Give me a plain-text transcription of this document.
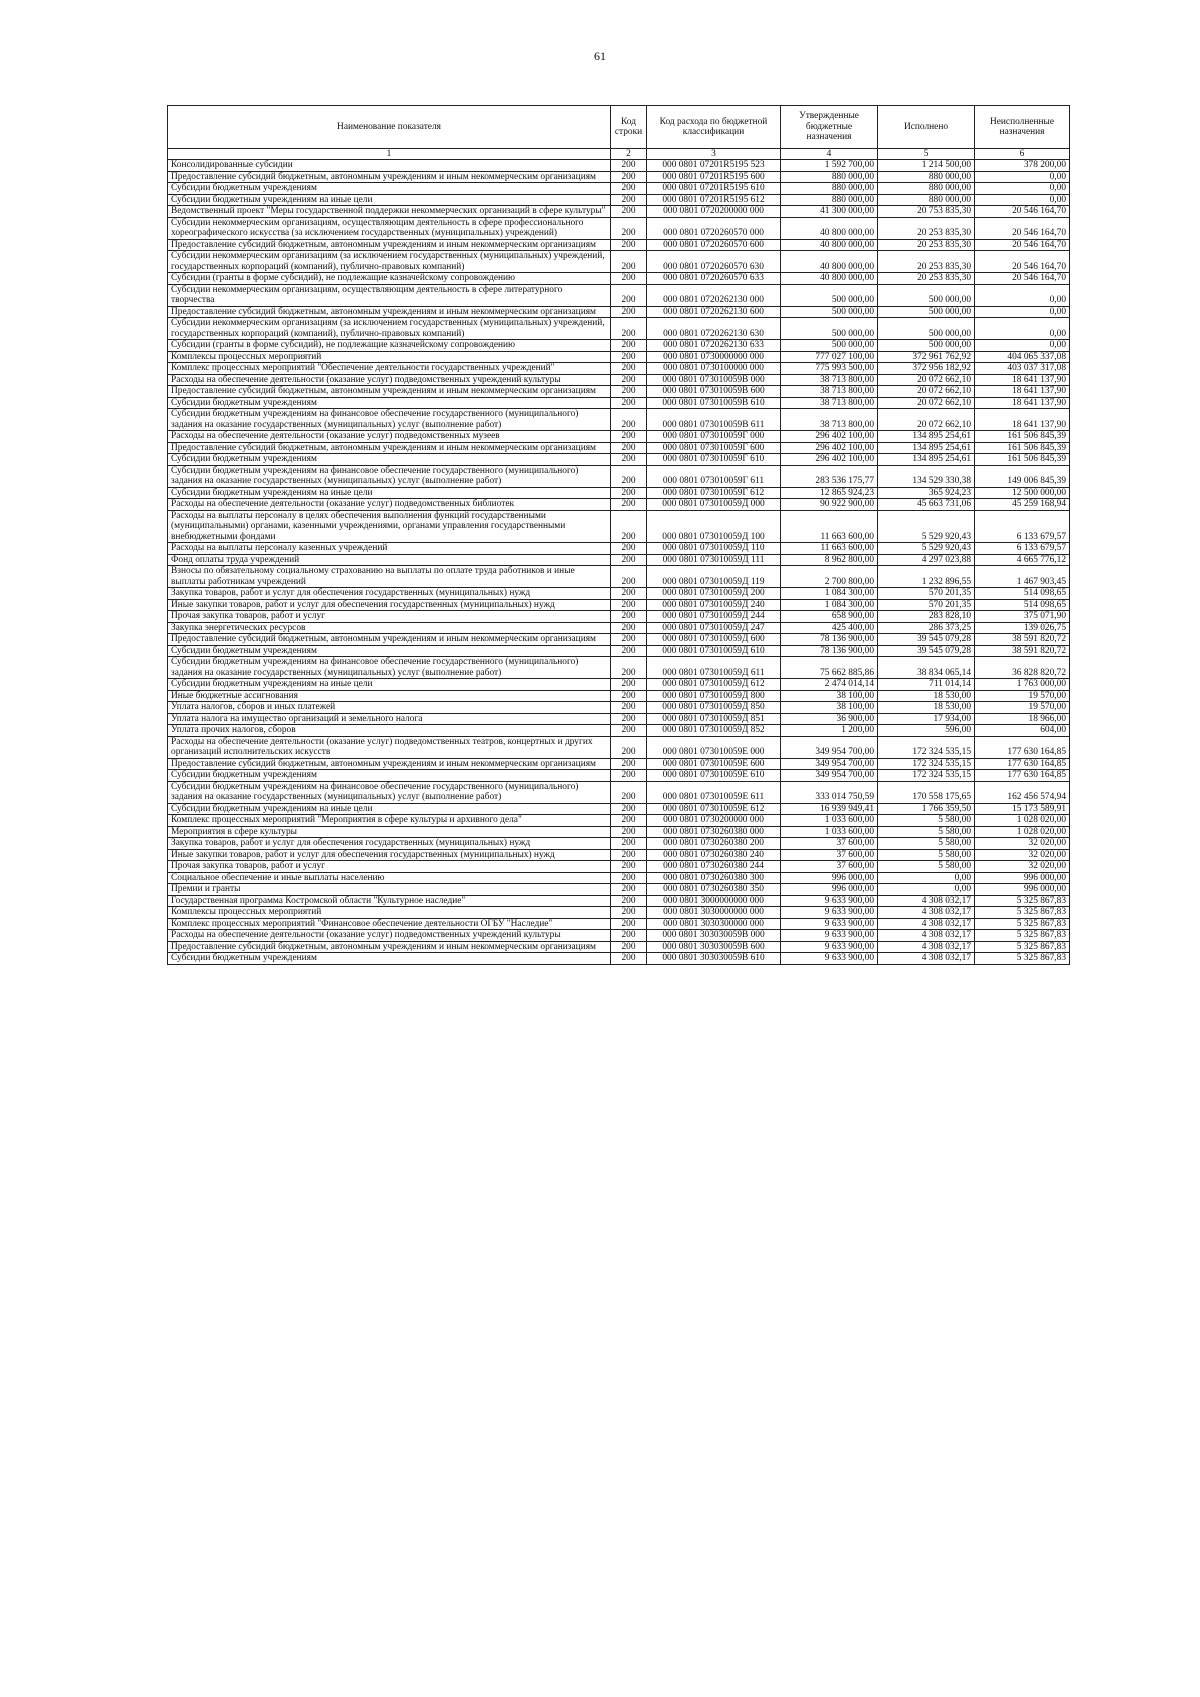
61
Наименование показателя	Код строки	Код расхода по бюджетной классификации	Утвержденные бюджетные назначения	Исполнено	Неисполненные назначения
1	2	3	4	5	6
Консолидированные субсидии	200	000 0801 07201R5195 523	1 592 700,00	1 214 500,00	378 200,00
Предоставление субсидий бюджетным, автономным учреждениям и иным некоммерческим организациям	200	000 0801 07201R5195 600	880 000,00	880 000,00	0,00
Субсидии бюджетным учреждениям	200	000 0801 07201R5195 610	880 000,00	880 000,00	0,00
Субсидии бюджетным учреждениям на иные цели	200	000 0801 07201R5195 612	880 000,00	880 000,00	0,00
Ведомственный проект "Меры государственной поддержки некоммерческих организаций в сфере культуры"	200	000 0801 0720200000 000	41 300 000,00	20 753 835,30	20 546 164,70
Субсидии некоммерческим организациям, осуществляющим деятельность в сфере профессионального хореографического искусства (за исключением государственных (муниципальных) учреждений)	200	000 0801 0720260570 000	40 800 000,00	20 253 835,30	20 546 164,70
Предоставление субсидий бюджетным, автономным учреждениям и иным некоммерческим организациям	200	000 0801 0720260570 600	40 800 000,00	20 253 835,30	20 546 164,70
Субсидии некоммерческим организациям (за исключением государственных (муниципальных) учреждений, государственных корпораций (компаний), публично-правовых компаний)	200	000 0801 0720260570 630	40 800 000,00	20 253 835,30	20 546 164,70
Субсидии (гранты в форме субсидий), не подлежащие казначейскому сопровождению	200	000 0801 0720260570 633	40 800 000,00	20 253 835,30	20 546 164,70
Субсидии некоммерческим организациям, осуществляющим деятельность в сфере литературного творчества	200	000 0801 0720262130 000	500 000,00	500 000,00	0,00
Предоставление субсидий бюджетным, автономным учреждениям и иным некоммерческим организациям	200	000 0801 0720262130 600	500 000,00	500 000,00	0,00
Субсидии некоммерческим организациям (за исключением государственных (муниципальных) учреждений, государственных корпораций (компаний), публично-правовых компаний)	200	000 0801 0720262130 630	500 000,00	500 000,00	0,00
Субсидии (гранты в форме субсидий), не подлежащие казначейскому сопровождению	200	000 0801 0720262130 633	500 000,00	500 000,00	0,00
Комплексы процессных мероприятий	200	000 0801 0730000000 000	777 027 100,00	372 961 762,92	404 065 337,08
Комплекс процессных мероприятий "Обеспечение деятельности государственных учреждений"	200	000 0801 0730100000 000	775 993 500,00	372 956 182,92	403 037 317,08
Расходы на обеспечение деятельности (оказание услуг) подведомственных учреждений культуры	200	000 0801 073010059В 000	38 713 800,00	20 072 662,10	18 641 137,90
Предоставление субсидий бюджетным, автономным учреждениям и иным некоммерческим организациям	200	000 0801 073010059В 600	38 713 800,00	20 072 662,10	18 641 137,90
Субсидии бюджетным учреждениям	200	000 0801 073010059В 610	38 713 800,00	20 072 662,10	18 641 137,90
Субсидии бюджетным учреждениям на финансовое обеспечение государственного (муниципального) задания на оказание государственных (муниципальных) услуг (выполнение работ)	200	000 0801 073010059В 611	38 713 800,00	20 072 662,10	18 641 137,90
Расходы на обеспечение деятельности (оказание услуг) подведомственных музеев	200	000 0801 073010059Г 000	296 402 100,00	134 895 254,61	161 506 845,39
Предоставление субсидий бюджетным, автономным учреждениям и иным некоммерческим организациям	200	000 0801 073010059Г 600	296 402 100,00	134 895 254,61	161 506 845,39
Субсидии бюджетным учреждениям	200	000 0801 073010059Г 610	296 402 100,00	134 895 254,61	161 506 845,39
Субсидии бюджетным учреждениям на финансовое обеспечение государственного (муниципального) задания на оказание государственных (муниципальных) услуг (выполнение работ)	200	000 0801 073010059Г 611	283 536 175,77	134 529 330,38	149 006 845,39
Субсидии бюджетным учреждениям на иные цели	200	000 0801 073010059Г 612	12 865 924,23	365 924,23	12 500 000,00
Расходы на обеспечение деятельности (оказание услуг) подведомственных библиотек	200	000 0801 073010059Д 000	90 922 900,00	45 663 731,06	45 259 168,94
Расходы на выплаты персоналу в целях обеспечения выполнения функций государственными (муниципальными) органами, казенными учреждениями, органами управления государственными внебюджетными фондами	200	000 0801 073010059Д 100	11 663 600,00	5 529 920,43	6 133 679,57
Расходы на выплаты персоналу казенных учреждений	200	000 0801 073010059Д 110	11 663 600,00	5 529 920,43	6 133 679,57
Фонд оплаты труда учреждений	200	000 0801 073010059Д 111	8 962 800,00	4 297 023,88	4 665 776,12
Взносы по обязательному социальному страхованию на выплаты по оплате труда работников и иные выплаты работникам учреждений	200	000 0801 073010059Д 119	2 700 800,00	1 232 896,55	1 467 903,45
Закупка товаров, работ и услуг для обеспечения государственных (муниципальных) нужд	200	000 0801 073010059Д 200	1 084 300,00	570 201,35	514 098,65
Иные закупки товаров, работ и услуг для обеспечения государственных (муниципальных) нужд	200	000 0801 073010059Д 240	1 084 300,00	570 201,35	514 098,65
Прочая закупка товаров, работ и услуг	200	000 0801 073010059Д 244	658 900,00	283 828,10	375 071,90
Закупка энергетических ресурсов	200	000 0801 073010059Д 247	425 400,00	286 373,25	139 026,75
Предоставление субсидий бюджетным, автономным учреждениям и иным некоммерческим организациям	200	000 0801 073010059Д 600	78 136 900,00	39 545 079,28	38 591 820,72
Субсидии бюджетным учреждениям	200	000 0801 073010059Д 610	78 136 900,00	39 545 079,28	38 591 820,72
Субсидии бюджетным учреждениям на финансовое обеспечение государственного (муниципального) задания на оказание государственных (муниципальных) услуг (выполнение работ)	200	000 0801 073010059Д 611	75 662 885,86	38 834 065,14	36 828 820,72
Субсидии бюджетным учреждениям на иные цели	200	000 0801 073010059Д 612	2 474 014,14	711 014,14	1 763 000,00
Иные бюджетные ассигнования	200	000 0801 073010059Д 800	38 100,00	18 530,00	19 570,00
Уплата налогов, сборов и иных платежей	200	000 0801 073010059Д 850	38 100,00	18 530,00	19 570,00
Уплата налога на имущество организаций и земельного налога	200	000 0801 073010059Д 851	36 900,00	17 934,00	18 966,00
Уплата прочих налогов, сборов	200	000 0801 073010059Д 852	1 200,00	596,00	604,00
Расходы на обеспечение деятельности (оказание услуг) подведомственных театров, концертных и других организаций исполнительских искусств	200	000 0801 073010059Е 000	349 954 700,00	172 324 535,15	177 630 164,85
Предоставление субсидий бюджетным, автономным учреждениям и иным некоммерческим организациям	200	000 0801 073010059Е 600	349 954 700,00	172 324 535,15	177 630 164,85
Субсидии бюджетным учреждениям	200	000 0801 073010059Е 610	349 954 700,00	172 324 535,15	177 630 164,85
Субсидии бюджетным учреждениям на финансовое обеспечение государственного (муниципального) задания на оказание государственных (муниципальных) услуг (выполнение работ)	200	000 0801 073010059Е 611	333 014 750,59	170 558 175,65	162 456 574,94
Субсидии бюджетным учреждениям на иные цели	200	000 0801 073010059Е 612	16 939 949,41	1 766 359,50	15 173 589,91
Комплекс процессных мероприятий "Мероприятия в сфере культуры и архивного дела"	200	000 0801 0730200000 000	1 033 600,00	5 580,00	1 028 020,00
Мероприятия в сфере культуры	200	000 0801 0730260380 000	1 033 600,00	5 580,00	1 028 020,00
Закупка товаров, работ и услуг для обеспечения государственных (муниципальных) нужд	200	000 0801 0730260380 200	37 600,00	5 580,00	32 020,00
Иные закупки товаров, работ и услуг для обеспечения государственных (муниципальных) нужд	200	000 0801 0730260380 240	37 600,00	5 580,00	32 020,00
Прочая закупка товаров, работ и услуг	200	000 0801 0730260380 244	37 600,00	5 580,00	32 020,00
Социальное обеспечение и иные выплаты населению	200	000 0801 0730260380 300	996 000,00	0,00	996 000,00
Премии и гранты	200	000 0801 0730260380 350	996 000,00	0,00	996 000,00
Государственная программа Костромской области "Культурное наследие"	200	000 0801 3000000000 000	9 633 900,00	4 308 032,17	5 325 867,83
Комплексы процессных мероприятий	200	000 0801 3030000000 000	9 633 900,00	4 308 032,17	5 325 867,83
Комплекс процессных мероприятий "Финансовое обеспечение деятельности ОГБУ "Наследие"	200	000 0801 3030300000 000	9 633 900,00	4 308 032,17	5 325 867,83
Расходы на обеспечение деятельности (оказание услуг) подведомственных учреждений культуры	200	000 0801 303030059В 000	9 633 900,00	4 308 032,17	5 325 867,83
Предоставление субсидий бюджетным, автономным учреждениям и иным некоммерческим организациям	200	000 0801 303030059В 600	9 633 900,00	4 308 032,17	5 325 867,83
Субсидии бюджетным учреждениям	200	000 0801 303030059В 610	9 633 900,00	4 308 032,17	5 325 867,83
